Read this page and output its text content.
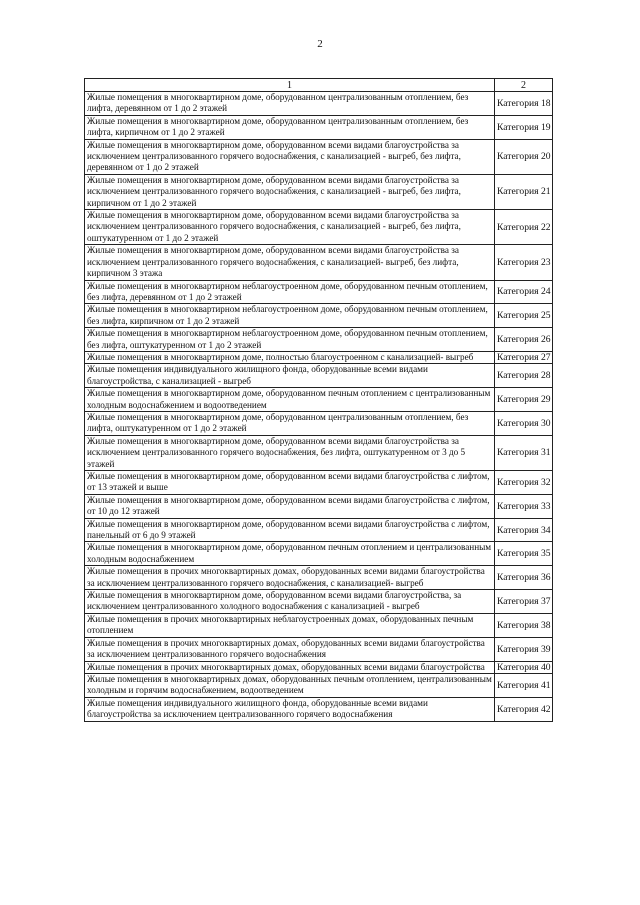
2
1	2
Жилые помещения в многоквартирном доме, оборудованном централизованным отоплением, без лифта, деревянном от 1 до 2 этажей	Категория 18
Жилые помещения в многоквартирном доме, оборудованном централизованным отоплением, без лифта, кирпичном от 1 до 2 этажей	Категория 19
Жилые помещения в многоквартирном доме, оборудованном всеми видами благоустройства за исключением централизованного горячего водоснабжения, с канализацией - выгреб, без лифта, деревянном от 1 до 2 этажей	Категория 20
Жилые помещения в многоквартирном доме, оборудованном всеми видами благоустройства за исключением централизованного горячего водоснабжения, с канализацией - выгреб, без лифта, кирпичном от 1 до 2 этажей	Категория 21
Жилые помещения в многоквартирном доме, оборудованном всеми видами благоустройства за исключением централизованного горячего водоснабжения, с канализацией - выгреб, без лифта, оштукатуренном от 1 до 2 этажей	Категория 22
Жилые помещения в многоквартирном доме, оборудованном всеми видами благоустройства за исключением централизованного горячего водоснабжения, с канализацией- выгреб, без лифта, кирпичном 3 этажа	Категория 23
Жилые помещения в многоквартирном неблагоустроенном доме, оборудованном печным отоплением, без лифта, деревянном от 1 до 2 этажей	Категория 24
Жилые помещения в многоквартирном неблагоустроенном доме, оборудованном печным отоплением, без лифта, кирпичном от 1 до 2 этажей	Категория 25
Жилые помещения в многоквартирном неблагоустроенном доме, оборудованном печным отоплением, без лифта, оштукатуренном от 1 до 2 этажей	Категория 26
Жилые помещения в многоквартирном доме, полностью благоустроенном с канализацией- выгреб	Категория 27
Жилые помещения индивидуального жилищного фонда, оборудованные всеми видами благоустройства, с канализацией - выгреб	Категория 28
Жилые помещения в многоквартирном доме, оборудованном печным отоплением с централизованным холодным водоснабжением и водоотведением	Категория 29
Жилые помещения в многоквартирном доме, оборудованном централизованным отоплением, без лифта, оштукатуренном от 1 до 2 этажей	Категория 30
Жилые помещения в многоквартирном доме, оборудованном всеми видами благоустройства за исключением централизованного горячего водоснабжения, без лифта, оштукатуренном от 3 до 5 этажей	Категория 31
Жилые помещения в многоквартирном доме, оборудованном всеми видами благоустройства с лифтом, от 13 этажей и выше	Категория 32
Жилые помещения в многоквартирном доме, оборудованном всеми видами благоустройства с лифтом, от 10 до 12 этажей	Категория 33
Жилые помещения в многоквартирном доме, оборудованном всеми видами благоустройства с лифтом, панельный от 6 до 9 этажей	Категория 34
Жилые помещения в многоквартирном доме, оборудованном печным отоплением и централизованным холодным водоснабжением	Категория 35
Жилые помещения в прочих многоквартирных домах, оборудованных всеми видами благоустройства за исключением централизованного горячего водоснабжения, с канализацией- выгреб	Категория 36
Жилые помещения в многоквартирном доме, оборудованном всеми видами благоустройства, за исключением централизованного холодного водоснабжения с канализацией - выгреб	Категория 37
Жилые помещения в прочих многоквартирных неблагоустроенных домах, оборудованных печным отоплением	Категория 38
Жилые помещения в прочих многоквартирных домах, оборудованных всеми видами благоустройства за исключением централизованного горячего водоснабжения	Категория 39
Жилые помещения в прочих многоквартирных домах, оборудованных всеми видами благоустройства	Категория 40
Жилые помещения в многоквартирных домах, оборудованных печным отоплением, централизованным холодным и горячим водоснабжением, водоотведением	Категория 41
Жилые помещения индивидуального жилищного фонда, оборудованные всеми видами благоустройства за исключением централизованного горячего водоснабжения	Категория 42
